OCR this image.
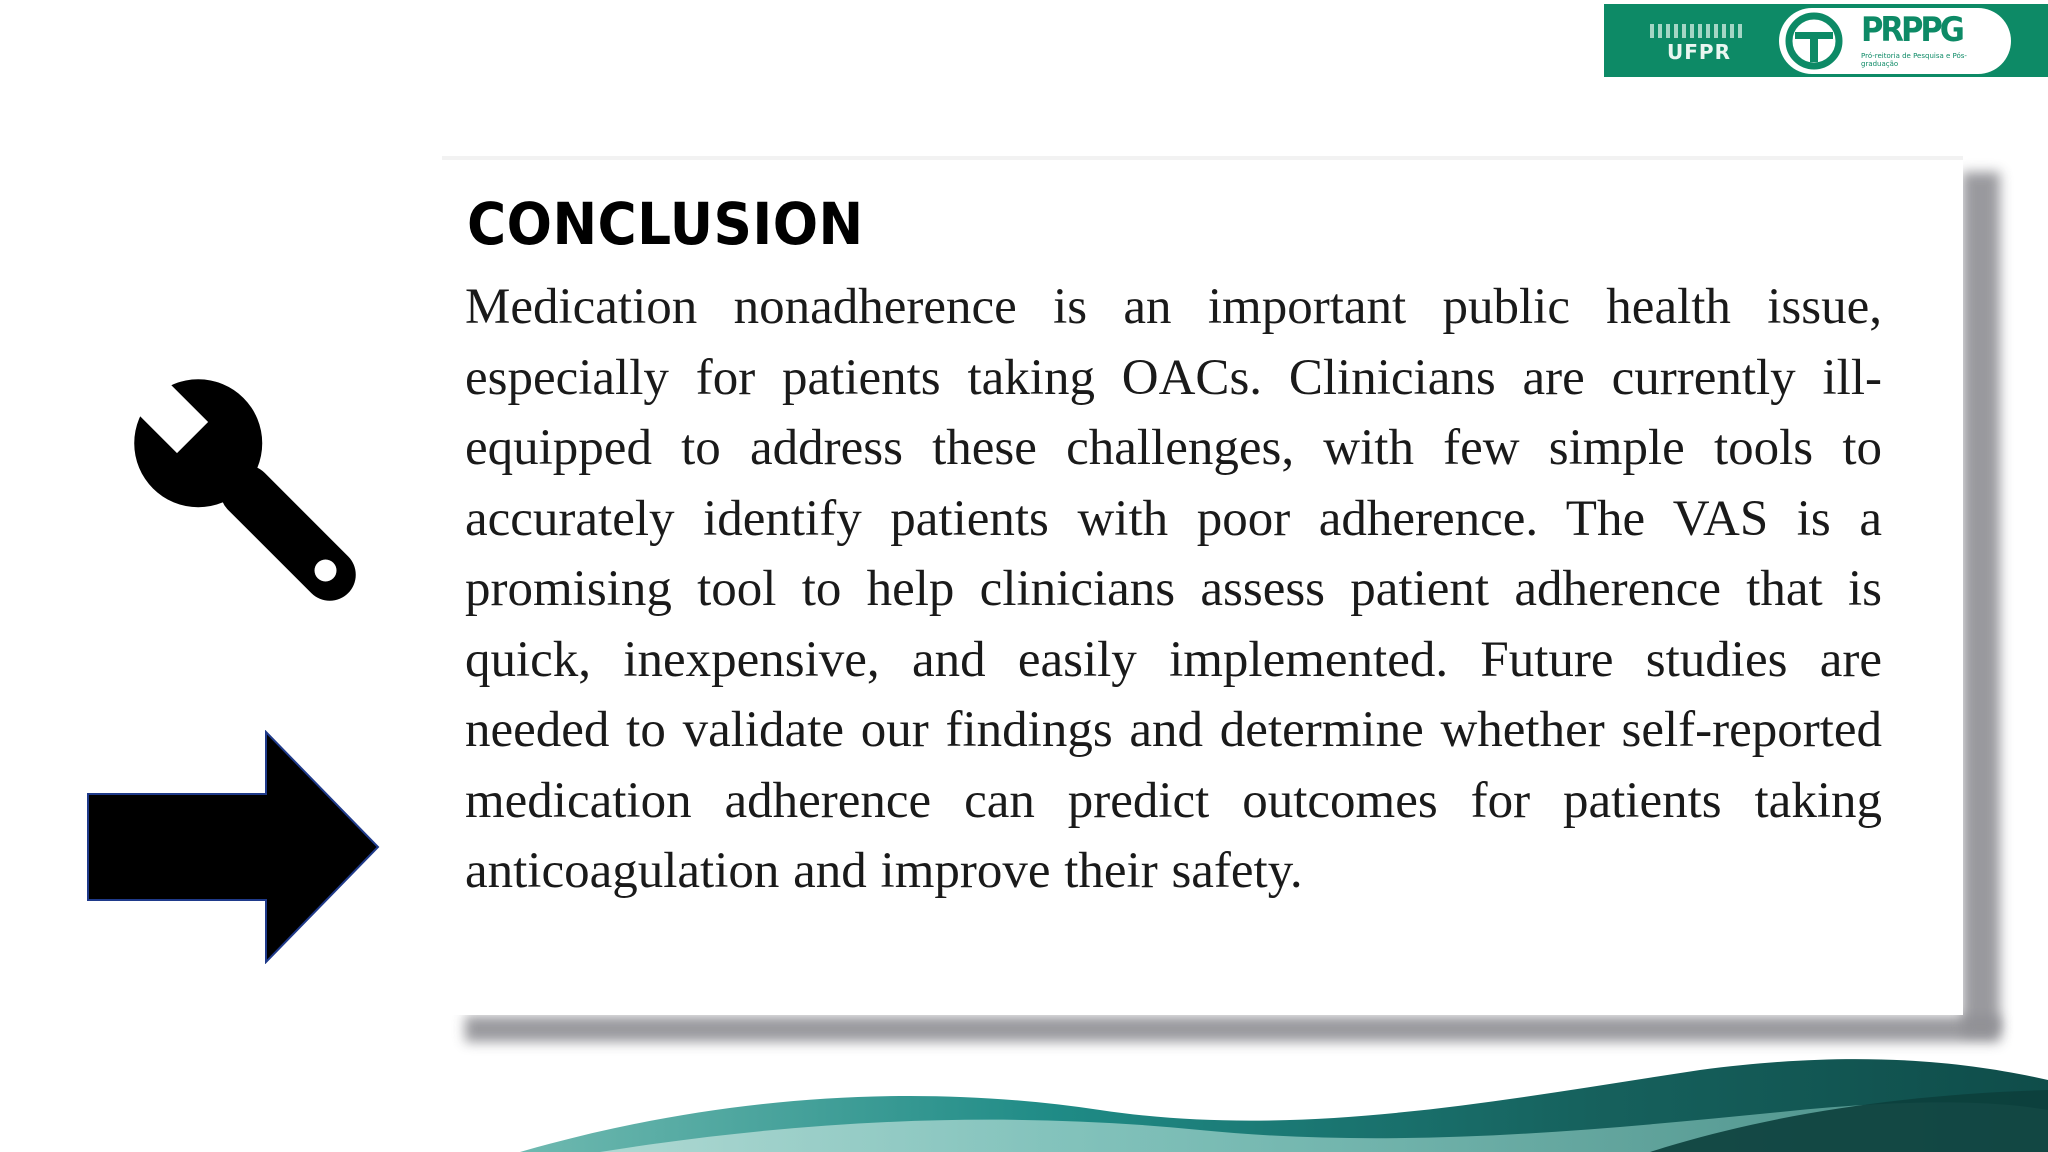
UFPR
PRPPG
Pró-reitoria de Pesquisa e Pós-graduação
CONCLUSION

Medication nonadherence is an important public health issue, especially for patients taking OACs. Clinicians are currently ill-equipped to address these challenges, with few simple tools to accurately identify patients with poor adherence. The VAS is a promising tool to help clinicians assess patient adherence that is quick, inexpensive, and easily implemented. Future studies are needed to validate our findings and determine whether self-reported medication adherence can predict outcomes for patients taking anticoagulation and improve their safety.
